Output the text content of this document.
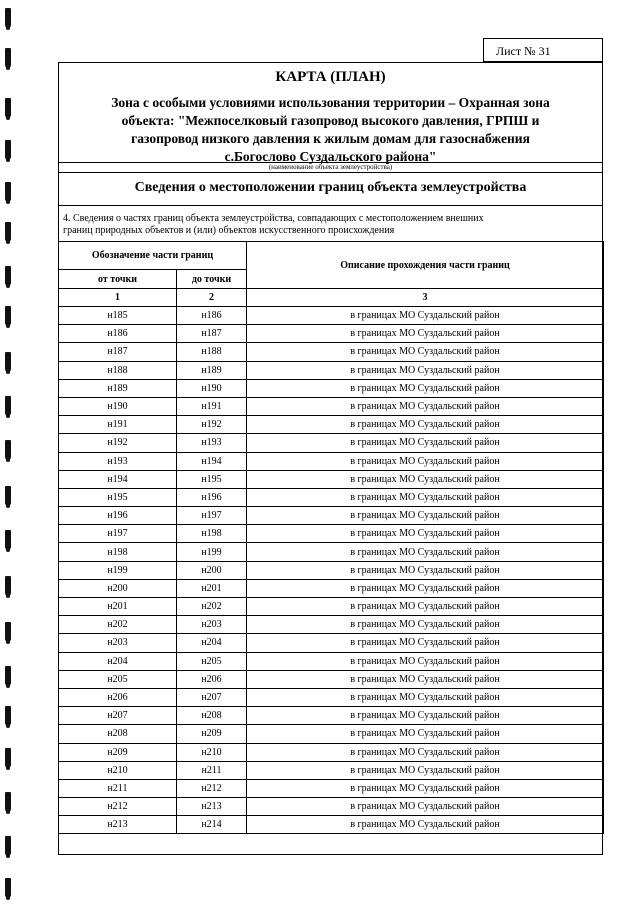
Лист № 31
КАРТА (ПЛАН)
Зона с особыми условиями использования территории – Охранная зона
объекта: "Межпоселковый газопровод высокого давления, ГРПШ и
газопровод низкого давления к жилым домам для газоснабжения
с.Богослово Суздальского района"
(наименование объекта землеустройства)
Сведения о местоположении границ объекта землеустройства
4. Сведения о частях границ объекта землеустройства, совпадающих с местоположением внешних
границ природных объектов и (или) объектов искусственного происхождения
Обозначение части границ		Описание прохождения части границ
от точки	до точки	
1	2	3
н185	н186	в границах МО Суздальский район
н186	н187	в границах МО Суздальский район
н187	н188	в границах МО Суздальский район
н188	н189	в границах МО Суздальский район
н189	н190	в границах МО Суздальский район
н190	н191	в границах МО Суздальский район
н191	н192	в границах МО Суздальский район
н192	н193	в границах МО Суздальский район
н193	н194	в границах МО Суздальский район
н194	н195	в границах МО Суздальский район
н195	н196	в границах МО Суздальский район
н196	н197	в границах МО Суздальский район
н197	н198	в границах МО Суздальский район
н198	н199	в границах МО Суздальский район
н199	н200	в границах МО Суздальский район
н200	н201	в границах МО Суздальский район
н201	н202	в границах МО Суздальский район
н202	н203	в границах МО Суздальский район
н203	н204	в границах МО Суздальский район
н204	н205	в границах МО Суздальский район
н205	н206	в границах МО Суздальский район
н206	н207	в границах МО Суздальский район
н207	н208	в границах МО Суздальский район
н208	н209	в границах МО Суздальский район
н209	н210	в границах МО Суздальский район
н210	н211	в границах МО Суздальский район
н211	н212	в границах МО Суздальский район
н212	н213	в границах МО Суздальский район
н213	н214	в границах МО Суздальский район
